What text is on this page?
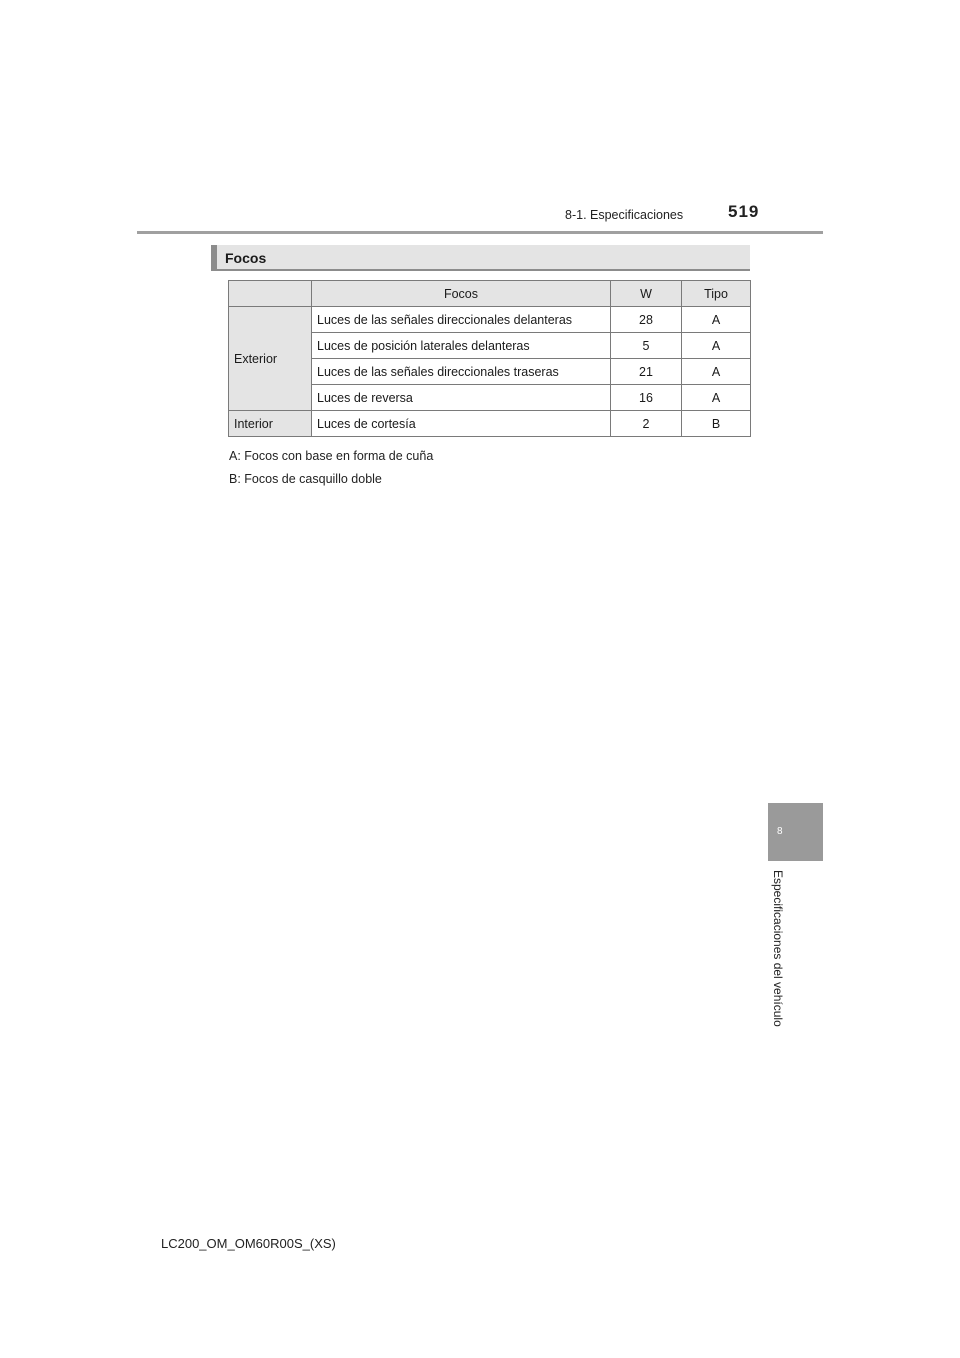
8-1. Especificaciones	519
Focos
	Focos	W	Tipo
Exterior	Luces de las señales direccionales delanteras	28	A
	Luces de posición laterales delanteras	5	A
	Luces de las señales direccionales traseras	21	A
	Luces de reversa	16	A
Interior	Luces de cortesía	2	B

A: Focos con base en forma de cuña

B: Focos de casquillo doble

8
Especificaciones del vehículo
LC200_OM_OM60R00S_(XS)
